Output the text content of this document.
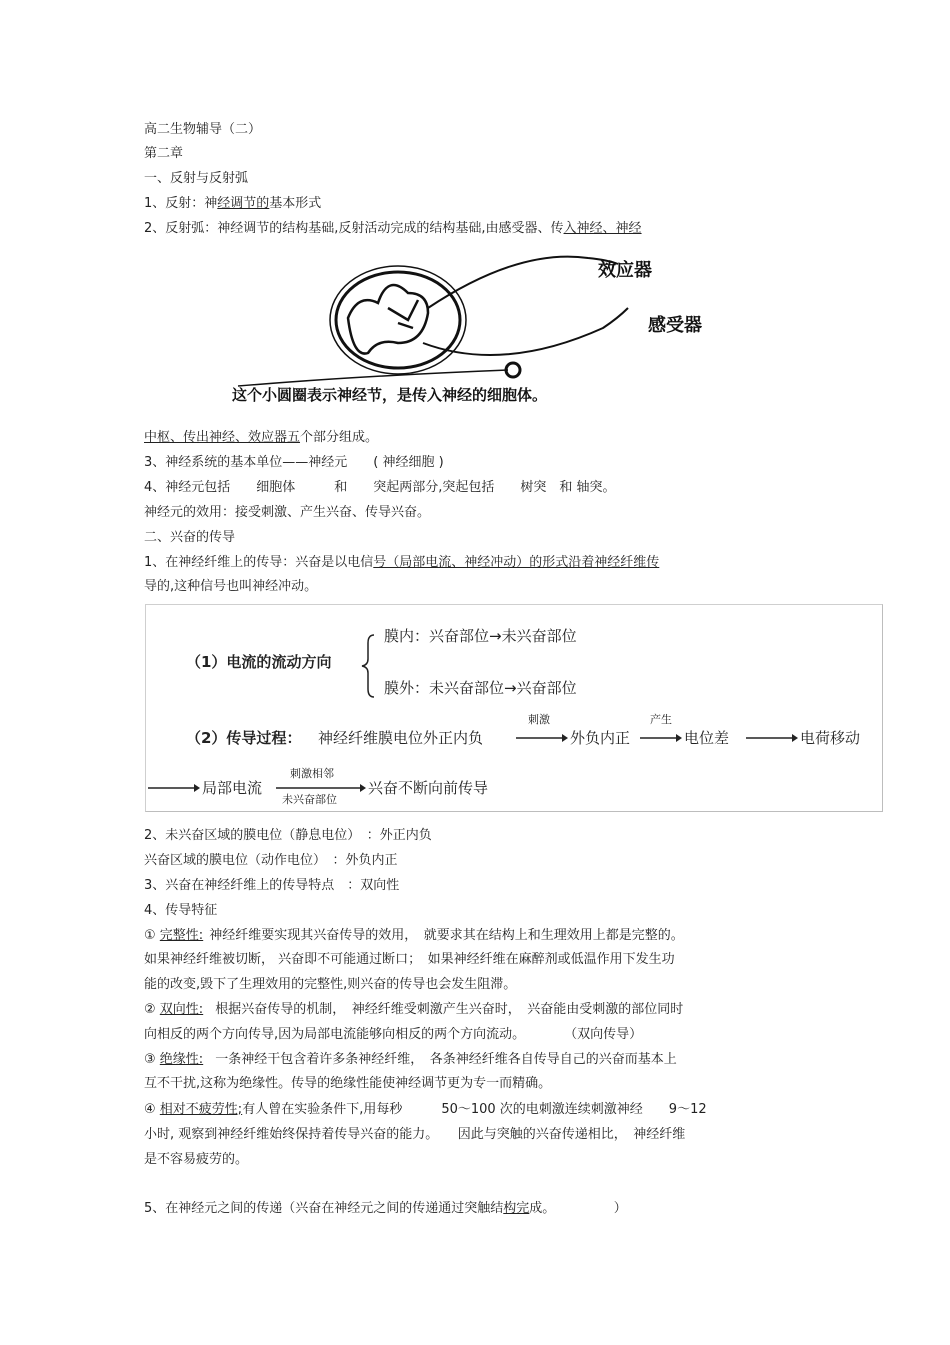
高二生物辅导（二）
第二章
一、反射与反射弧
1、反射：神经调节的基本形式
2、反射弧：神经调节的结构基础,反射活动完成的结构基础,由感受器、传入神经、神经
效应器
感受器
这个小圆圈表示神经节，是传入神经的细胞体。
中枢、传出神经、效应器五个部分组成。
3、神经系统的基本单位——神经元　　( 神经细胞 )
4、神经元包括　　细胞体　　　和　　突起两部分,突起包括　　树突　和 轴突。
神经元的效用：接受刺激、产生兴奋、传导兴奋。
二、兴奋的传导
1、在神经纤维上的传导：兴奋是以电信号（局部电流、神经冲动）的形式沿着神经纤维传
导的,这种信号也叫神经冲动。
（1）电流的流动方向
膜内：兴奋部位→未兴奋部位
膜外：未兴奋部位→兴奋部位
（2）传导过程： 神经纤维膜电位外正内负
刺激
外负内正
产生
电位差	电荷移动
局部电流
刺激相邻
未兴奋部位
兴奋不断向前传导
2、未兴奋区域的膜电位（静息电位）　：外正内负
兴奋区域的膜电位（动作电位）　：外负内正
3、兴奋在神经纤维上的传导特点　：双向性
4、传导特征
① 完整性: 神经纤维要实现其兴奋传导的效用，　就要求其在结构上和生理效用上都是完整的。
如果神经纤维被切断， 兴奋即不可能通过断口；　如果神经纤维在麻醉剂或低温作用下发生功
能的改变,毁下了生理效用的完整性,则兴奋的传导也会发生阻滞。
② 双向性: 根据兴奋传导的机制，　神经纤维受刺激产生兴奋时，　兴奋能由受刺激的部位同时
向相反的两个方向传导,因为局部电流能够向相反的两个方向流动。　　　　（双向传导）
③ 绝缘性: 一条神经干包含着许多条神经纤维，　各条神经纤维各自传导自己的兴奋而基本上
互不干扰,这称为绝缘性。传导的绝缘性能使神经调节更为专一而精确。
④ 相对不疲劳性;有人曾在实验条件下,用每秒　　　50～100 次的电刺激连续刺激神经　　9～12
小时, 观察到神经纤维始终保持着传导兴奋的能力。　　因此与突触的兴奋传递相比，　神经纤维
是不容易疲劳的。
5、在神经元之间的传递（兴奋在神经元之间的传递通过突触结构完成。　　　　　）
